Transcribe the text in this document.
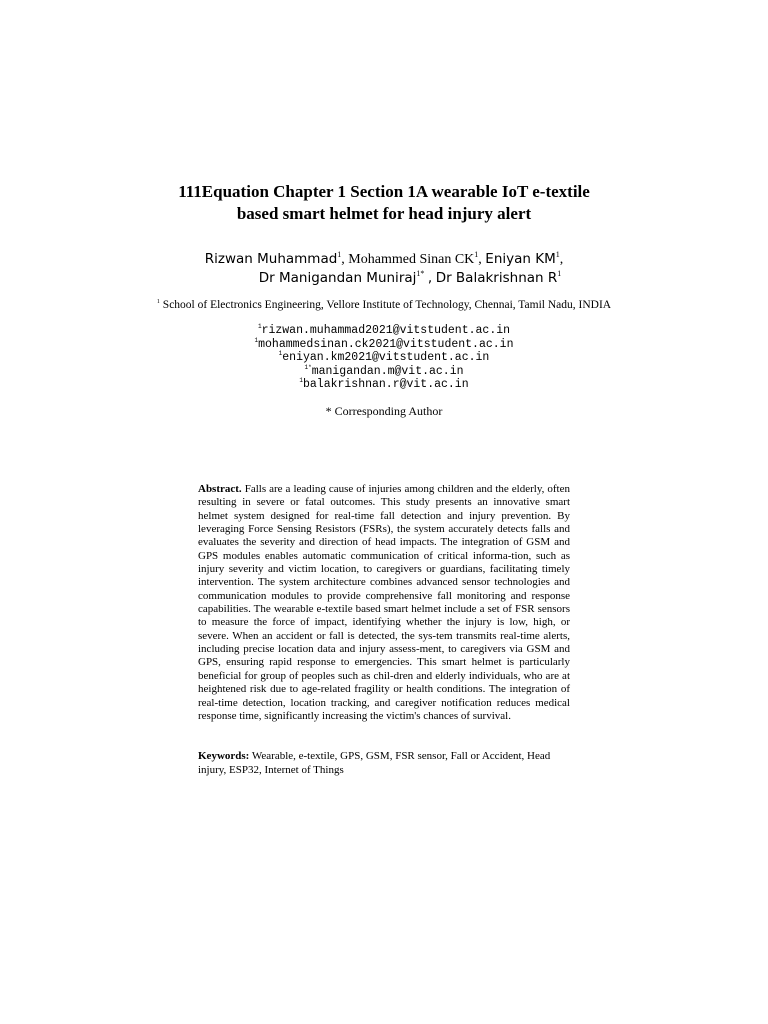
111Equation Chapter 1 Section 1A wearable IoT e-textile
based smart helmet for head injury alert
Rizwan Muhammad$^1$, Mohammed Sinan $CK^1$, Eniyan $KM^1$,
Dr Manigandan Muniraj$^{1*}$ , Dr Balakrishnan $R^1$
$^1$ School of Electronics Engineering, Vellore Institute of Technology, Chennai, Tamil Nadu, INDIA
$^1$rizwan.muhammad2021@vitstudent.ac.in
$^1$mohammedsinan.ck2021@vitstudent.ac.in
$^1$eniyan.km2021@vitstudent.ac.in
$^{1*}$manigandan.m@vit.ac.in
$^1$balakrishnan.r@vit.ac.in
* Corresponding Author

Abstract. Falls are a leading cause of injuries among children and the elderly, often resulting in severe or fatal outcomes. This study presents an innovative smart helmet system designed for real-time fall detection and injury prevention. By leveraging Force Sensing Resistors (FSRs), the system accurately detects falls and evaluates the severity and direction of head impacts. The integration of GSM and GPS modules enables automatic communication of critical informa-tion, such as injury severity and victim location, to caregivers or guardians, facilitating timely intervention. The system architecture combines advanced sensor technologies and communication modules to provide comprehensive fall monitoring and response capabilities. The wearable e-textile based smart helmet include a set of FSR sensors to measure the force of impact, identifying whether the injury is low, high, or severe. When an accident or fall is detected, the sys-tem transmits real-time alerts, including precise location data and injury assess-ment, to caregivers via GSM and GPS, ensuring rapid response to emergencies. This smart helmet is particularly beneficial for group of peoples such as chil-dren and elderly individuals, who are at heightened risk due to age-related fragility or health conditions. The integration of real-time detection, location tracking, and caregiver notification reduces medical response time, significantly increasing the victim's chances of survival.

Keywords: Wearable, e-textile, GPS, GSM, FSR sensor, Fall or Accident, Head injury, ESP32, Internet of Things
